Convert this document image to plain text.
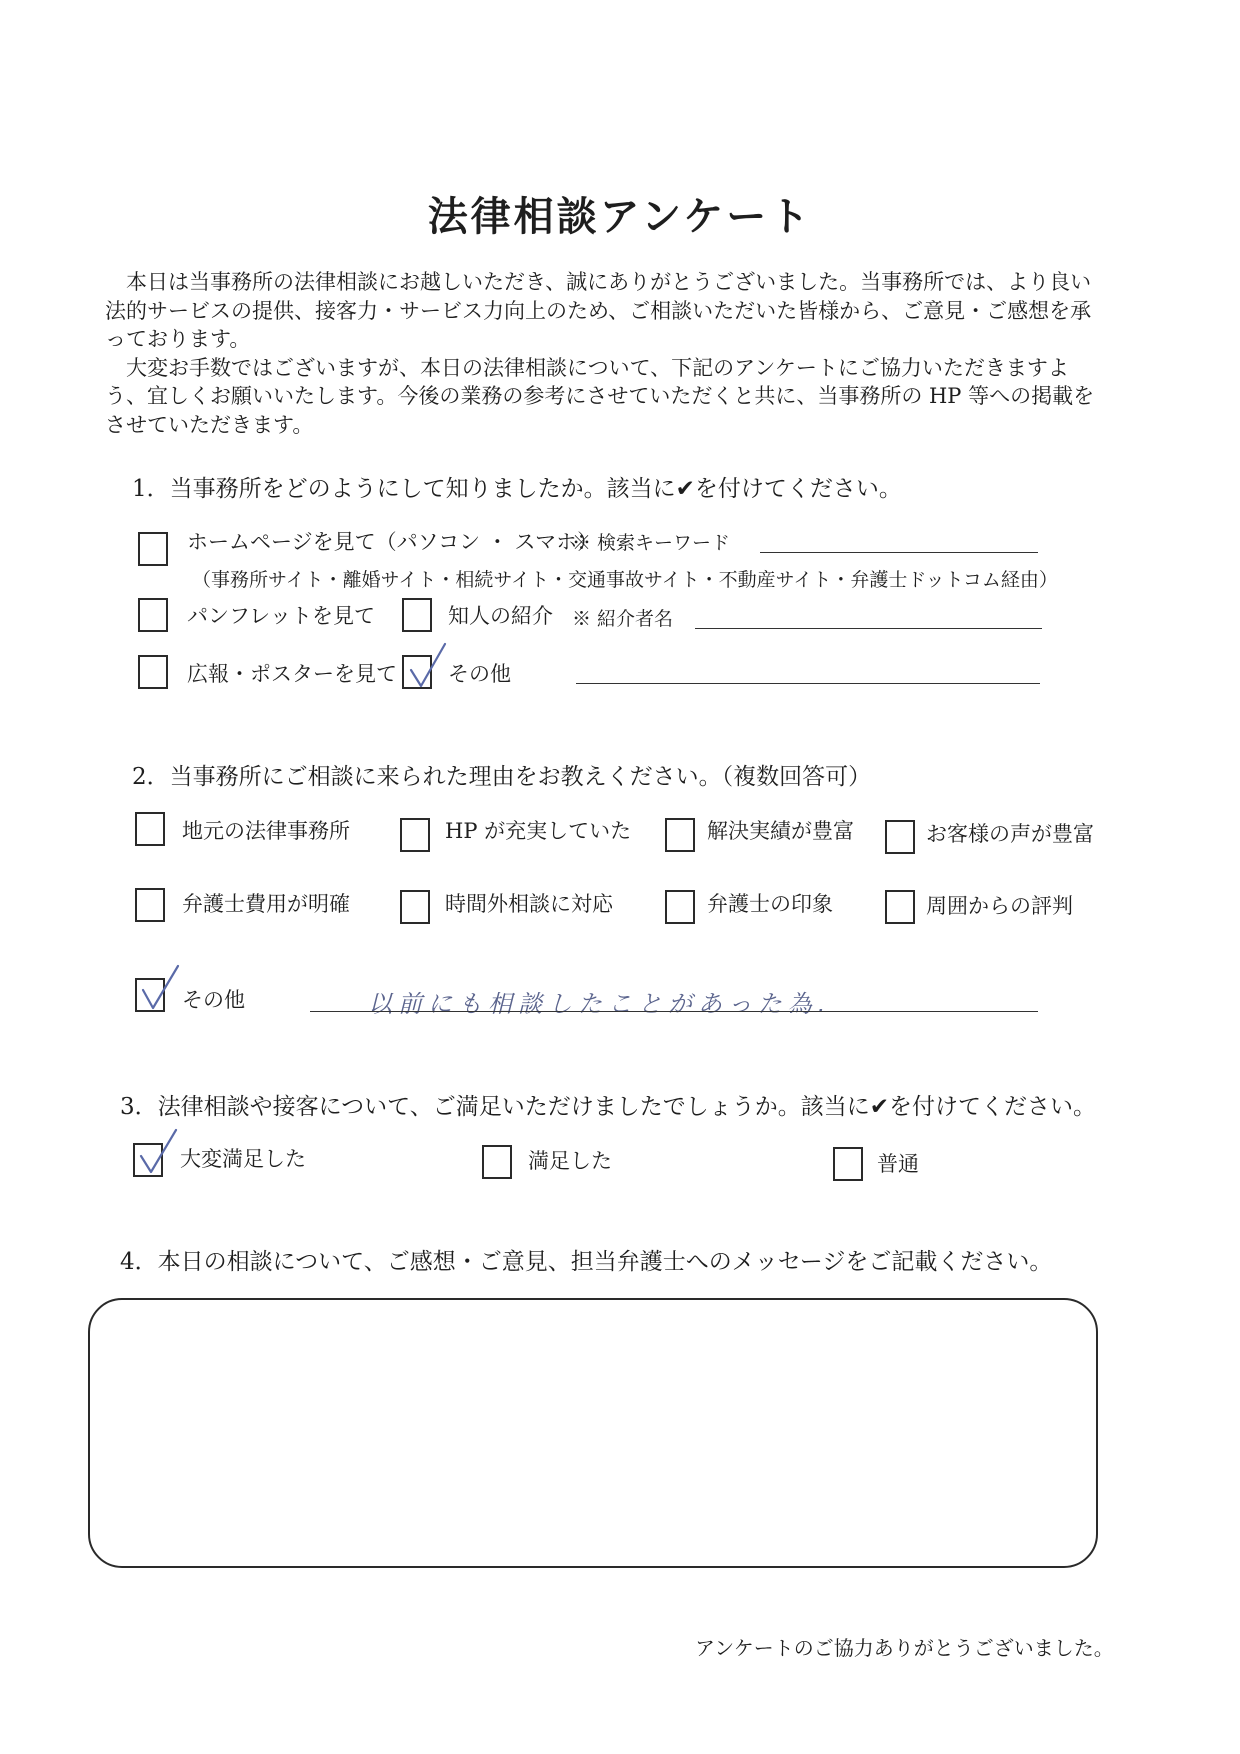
法律相談アンケート

本日は当事務所の法律相談にお越しいただき、誠にありがとうございました。当事務所では、より良い法的サービスの提供、接客力・サービス力向上のため、ご相談いただいた皆様から、ご意見・ご感想を承っております。

大変お手数ではございますが、本日の法律相談について、下記のアンケートにご協力いただきますよう、宜しくお願いいたします。今後の業務の参考にさせていただくと共に、当事務所の HP 等への掲載をさせていただきます。

1．当事務所をどのようにして知りましたか。該当に✔を付けてください。
ホームページを見て（パソコン ・ スマホ）
※ 検索キーワード
（事務所サイト・離婚サイト・相続サイト・交通事故サイト・不動産サイト・弁護士ドットコム経由）
パンフレットを見て	知人の紹介 ※ 紹介者名
広報・ポスターを見て その他
2．当事務所にご相談に来られた理由をお教えください。（複数回答可）
地元の法律事務所	HP が充実していた	解決実績が豊富	お客様の声が豊富
弁護士費用が明確	時間外相談に対応	弁護士の印象	周囲からの評判
その他	以前にも相談したことがあった為.
3．法律相談や接客について、ご満足いただけましたでしょうか。該当に✔を付けてください。
大変満足した	満足した	普通
4．本日の相談について、ご感想・ご意見、担当弁護士へのメッセージをご記載ください。
アンケートのご協力ありがとうございました。
